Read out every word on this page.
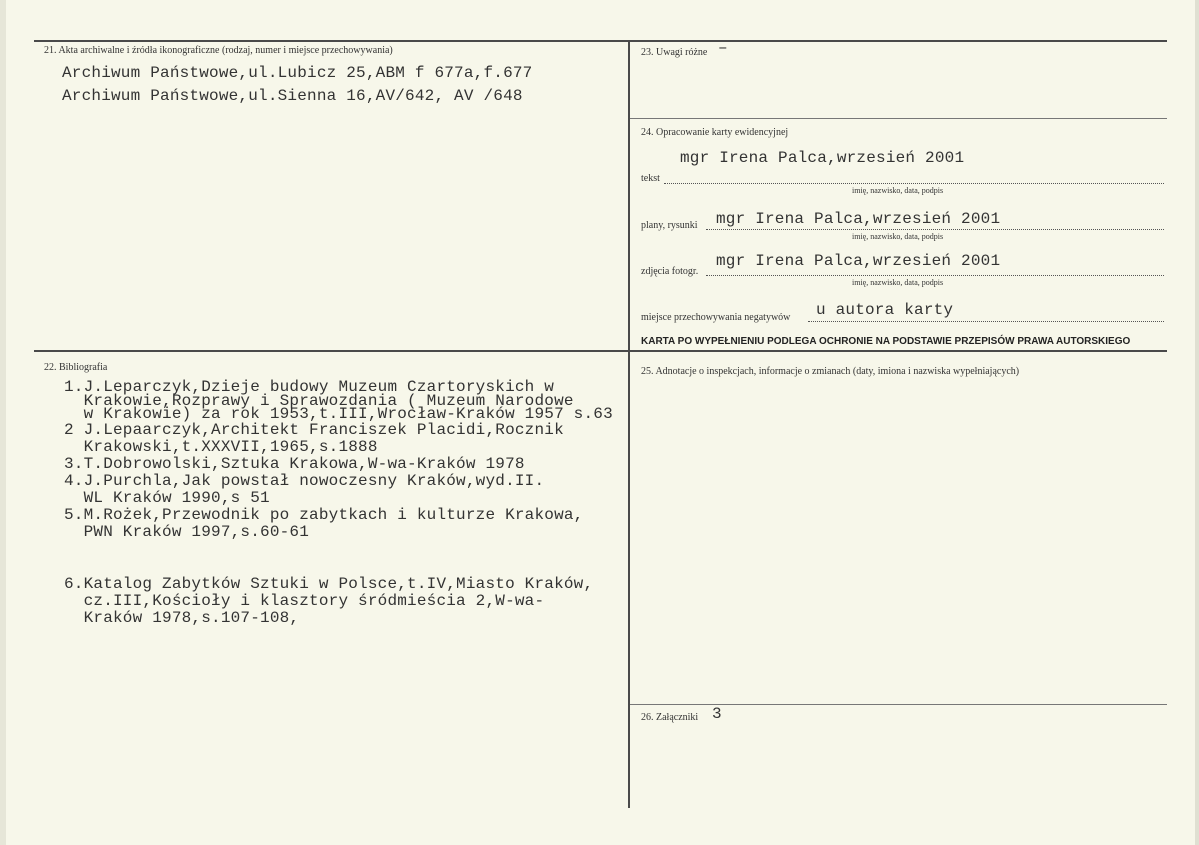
21. Akta archiwalne i źródła ikonograficzne (rodzaj, numer i miejsce przechowywania)
Archiwum Państwowe,ul.Lubicz 25,ABM f 677a,f.677
Archiwum Państwowe,ul.Sienna 16,AV/642, AV /648
22. Bibliografia
1.J.Leparczyk,Dzieje budowy Muzeum Czartoryskich w
Krakowie,Rozprawy i Sprawozdania ( Muzeum Narodowe
w Krakowie) za rok 1953,t.III,Wrocław-Kraków 1957 s.63
2 J.Lepaarczyk,Architekt Franciszek Placidi,Rocznik
Krakowski,t.XXXVII,1965,s.1888
3.T.Dobrowolski,Sztuka Krakowa,W-wa-Kraków 1978
4.J.Purchla,Jak powstał nowoczesny Kraków,wyd.II.
WL Kraków 1990,s 51
5.M.Rożek,Przewodnik po zabytkach i kulturze Krakowa,
PWN Kraków 1997,s.60-61
6.Katalog Zabytków Sztuki w Polsce,t.IV,Miasto Kraków,
cz.III,Kościoły i klasztory śródmieścia 2,W-wa-
Kraków 1978,s.107-108,
23. Uwagi różne –
24. Opracowanie karty ewidencyjnej
mgr Irena Palca,wrzesień 2001
tekst
imię, nazwisko, data, podpis
mgr Irena Palca,wrzesień 2001
plany, rysunki
imię, nazwisko, data, podpis
mgr Irena Palca,wrzesień 2001
zdjęcia fotogr.
imię, nazwisko, data, podpis
u autora karty
miejsce przechowywania negatywów
KARTA PO WYPEŁNIENIU PODLEGA OCHRONIE NA PODSTAWIE PRZEPISÓW PRAWA AUTORSKIEGO
25. Adnotacje o inspekcjach, informacje o zmianach (daty, imiona i nazwiska wypełniających)
26. Załączniki 3
